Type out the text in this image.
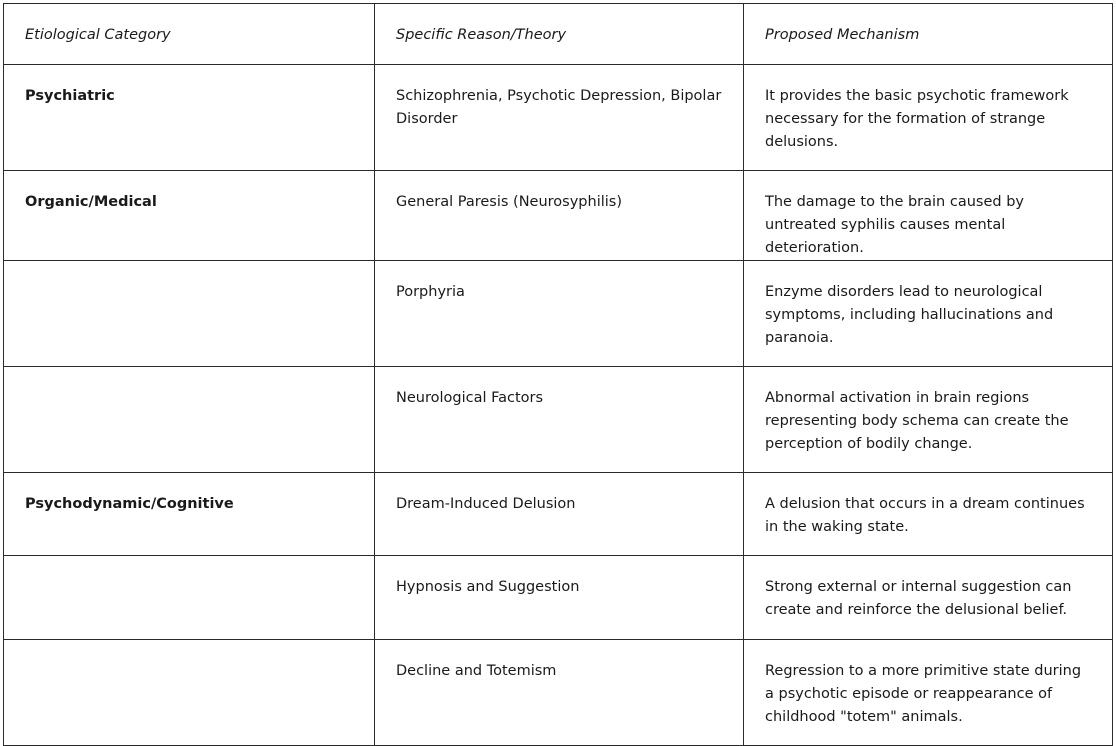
Etiological Category	Specific Reason/Theory	Proposed Mechanism
Psychiatric	Schizophrenia, Psychotic Depression, Bipolar Disorder	It provides the basic psychotic framework necessary for the formation of strange delusions.
Organic/Medical	General Paresis (Neurosyphilis)	The damage to the brain caused by untreated syphilis causes mental deterioration.
	Porphyria	Enzyme disorders lead to neurological symptoms, including hallucinations and paranoia.
	Neurological Factors	Abnormal activation in brain regions representing body schema can create the perception of bodily change.
Psychodynamic/Cognitive	Dream-Induced Delusion	A delusion that occurs in a dream continues in the waking state.
	Hypnosis and Suggestion	Strong external or internal suggestion can create and reinforce the delusional belief.
	Decline and Totemism	Regression to a more primitive state during a psychotic episode or reappearance of childhood "totem" animals.
